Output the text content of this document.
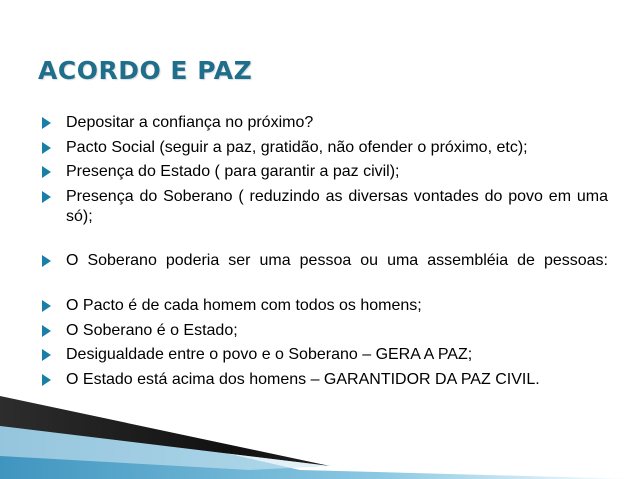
ACORDO E PAZ
Depositar a confiança no próximo?
Pacto Social (seguir a paz, gratidão, não ofender o próximo, etc);
Presença do Estado ( para garantir a paz civil);
Presença do Soberano ( reduzindo as diversas vontades do povo em uma só);
O Soberano poderia ser uma pessoa ou uma assembléia de pessoas:
O Pacto é de cada homem com todos os homens;
O Soberano é o Estado;
Desigualdade entre o povo e o Soberano – GERA A PAZ;
O Estado está acima dos homens – GARANTIDOR DA PAZ CIVIL.
